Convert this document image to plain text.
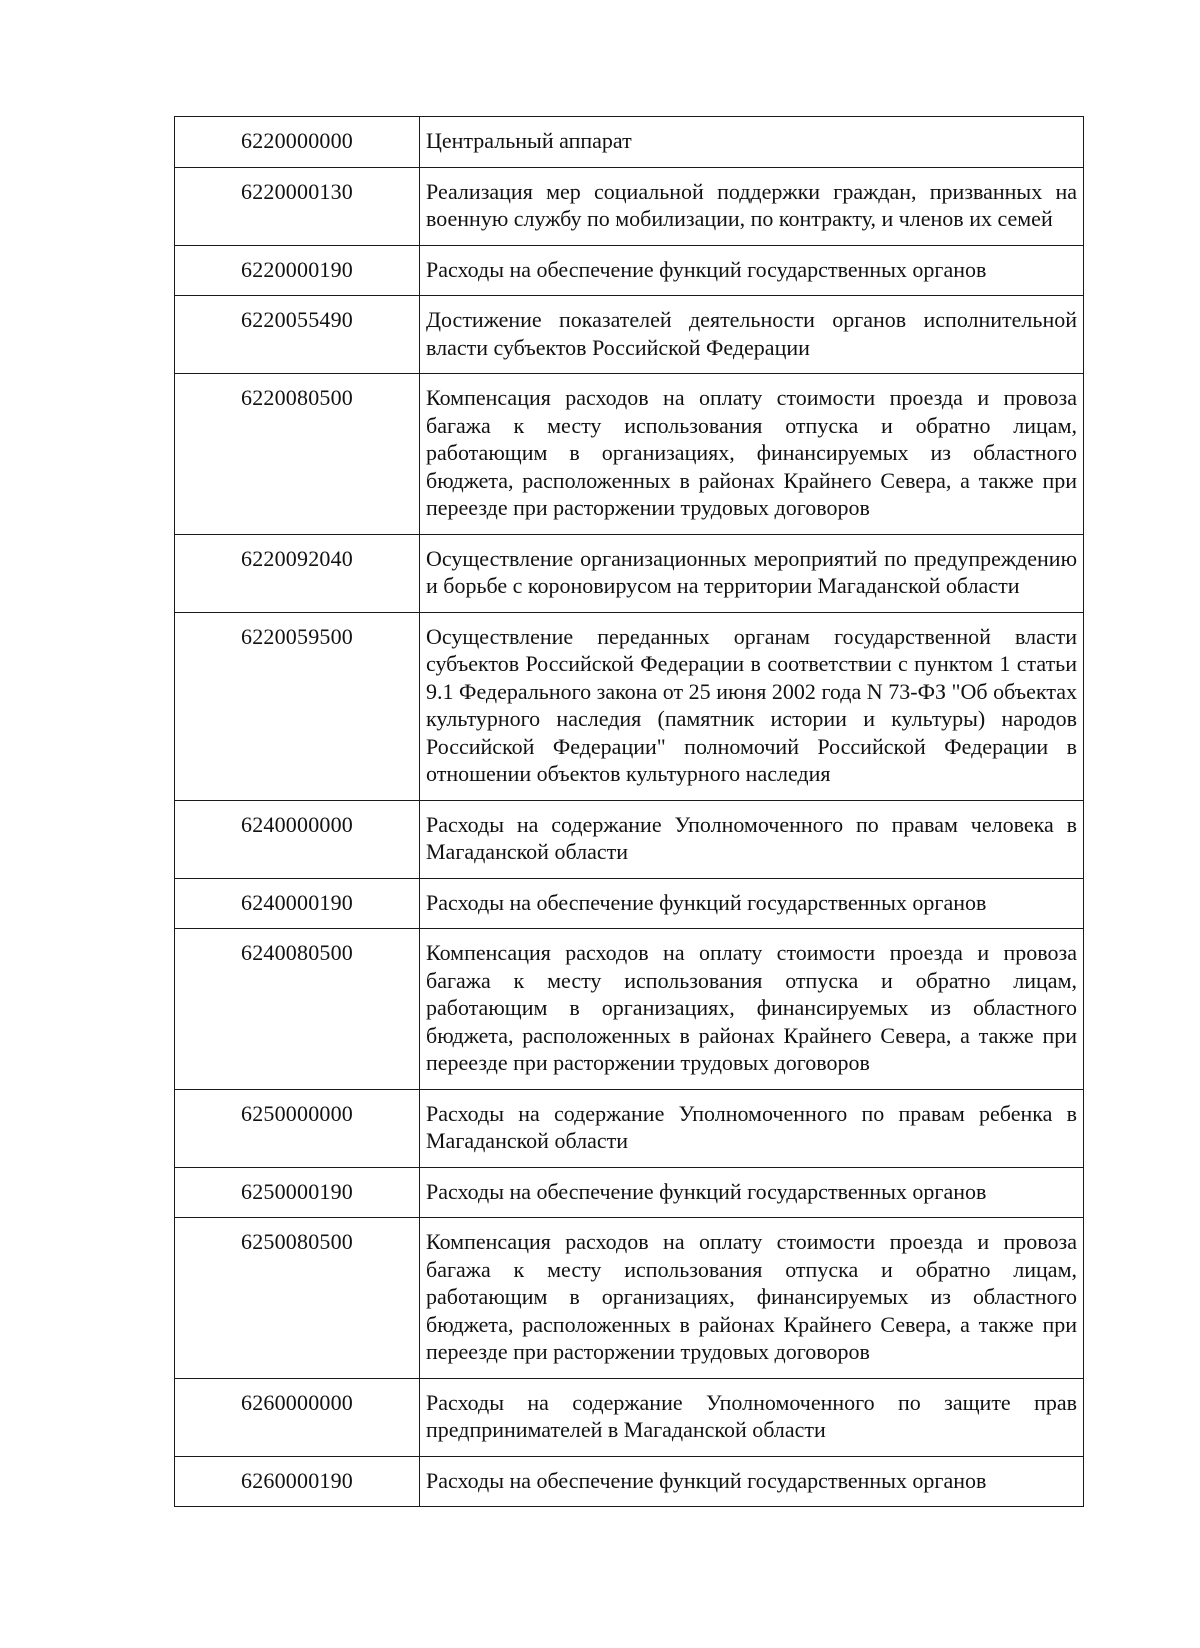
6220000000	Центральный аппарат
6220000130	Реализация мер социальной поддержки граждан, призванных на военную службу по мобилизации, по контракту, и членов их семей
6220000190	Расходы на обеспечение функций государственных органов
6220055490	Достижение показателей деятельности органов исполнительной власти субъектов Российской Федерации
6220080500	Компенсация расходов на оплату стоимости проезда и провоза багажа к месту использования отпуска и обратно лицам, работающим в организациях, финансируемых из областного бюджета, расположенных в районах Крайнего Севера, а также при переезде при расторжении трудовых договоров
6220092040	Осуществление организационных мероприятий по предупреждению и борьбе с короновирусом на территории Магаданской области
6220059500	Осуществление переданных органам государственной власти субъектов Российской Федерации в соответствии с пунктом 1 статьи 9.1 Федерального закона от 25 июня 2002 года N 73-ФЗ "Об объектах культурного наследия (памятник истории и культуры) народов Российской Федерации" полномочий Российской Федерации в отношении объектов культурного наследия
6240000000	Расходы на содержание Уполномоченного по правам человека в Магаданской области
6240000190	Расходы на обеспечение функций государственных органов
6240080500	Компенсация расходов на оплату стоимости проезда и провоза багажа к месту использования отпуска и обратно лицам, работающим в организациях, финансируемых из областного бюджета, расположенных в районах Крайнего Севера, а также при переезде при расторжении трудовых договоров
6250000000	Расходы на содержание Уполномоченного по правам ребенка в Магаданской области
6250000190	Расходы на обеспечение функций государственных органов
6250080500	Компенсация расходов на оплату стоимости проезда и провоза багажа к месту использования отпуска и обратно лицам, работающим в организациях, финансируемых из областного бюджета, расположенных в районах Крайнего Севера, а также при переезде при расторжении трудовых договоров
6260000000	Расходы на содержание Уполномоченного по защите прав предпринимателей в Магаданской области
6260000190	Расходы на обеспечение функций государственных органов
